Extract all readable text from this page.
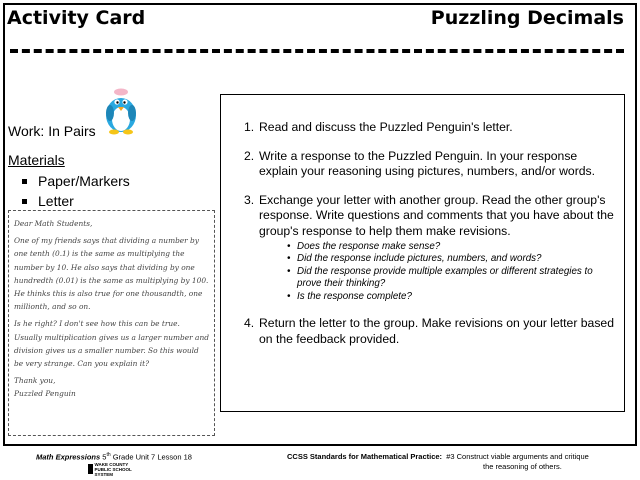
Activity Card	Puzzling Decimals
Work: In Pairs
Materials
Paper/Markers
Letter

Dear Math Students,

One of my friends says that dividing a number by one tenth (0.1) is the same as multiplying the number by 10. He also says that dividing by one hundredth (0.01) is the same as multiplying by 100. He thinks this is also true for one thousandth, one millionth, and so on.

Is he right? I don't see how this can be true. Usually multiplication gives us a larger number and division gives us a smaller number. So this would be very strange. Can you explain it?

Thank you,

Puzzled Penguin

1. Read and discuss the Puzzled Penguin's letter.
2. Write a response to the Puzzled Penguin. In your response explain your reasoning using pictures, numbers, and/or words.
3. Exchange your letter with another group. Read the other group's response. Write questions and comments that you have about the group's response to help them make revisions.
• Does the response make sense?
• Did the response include pictures, numbers, and words?
• Did the response provide multiple examples or different strategies to prove their thinking?
• Is the response complete?
4. Return the letter to the group. Make revisions on your letter based on the feedback provided.
Math Expressions 5th Grade Unit 7 Lesson 18
WAKE COUNTY PUBLIC SCHOOL SYSTEM
CCSS Standards for Mathematical Practice:  #3 Construct viable arguments and critique
the reasoning of others.
